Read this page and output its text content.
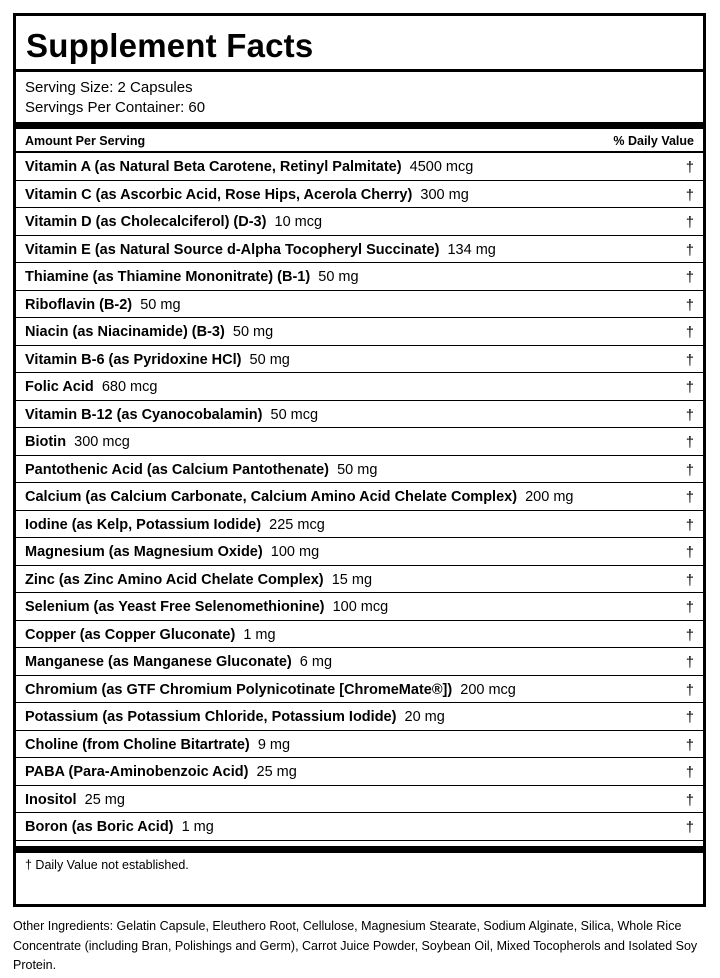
Supplement Facts
Serving Size: 2 Capsules
Servings Per Container: 60
Amount Per Serving	% Daily Value
Vitamin A (as Natural Beta Carotene, Retinyl Palmitate) 4500 mcg	†
Vitamin C (as Ascorbic Acid, Rose Hips, Acerola Cherry) 300 mg	†
Vitamin D (as Cholecalciferol) (D-3) 10 mcg	†
Vitamin E (as Natural Source d-Alpha Tocopheryl Succinate) 134 mg	†
Thiamine (as Thiamine Mononitrate) (B-1) 50 mg	†
Riboflavin (B-2) 50 mg	†
Niacin (as Niacinamide) (B-3) 50 mg	†
Vitamin B-6 (as Pyridoxine HCl) 50 mg	†
Folic Acid 680 mcg	†
Vitamin B-12 (as Cyanocobalamin) 50 mcg	†
Biotin 300 mcg	†
Pantothenic Acid (as Calcium Pantothenate) 50 mg	†
Calcium (as Calcium Carbonate, Calcium Amino Acid Chelate Complex) 200 mg	†
Iodine (as Kelp, Potassium Iodide) 225 mcg	†
Magnesium (as Magnesium Oxide) 100 mg	†
Zinc (as Zinc Amino Acid Chelate Complex) 15 mg	†
Selenium (as Yeast Free Selenomethionine) 100 mcg	†
Copper (as Copper Gluconate) 1 mg	†
Manganese (as Manganese Gluconate) 6 mg	†
Chromium (as GTF Chromium Polynicotinate [ChromeMate®]) 200 mcg	†
Potassium (as Potassium Chloride, Potassium Iodide) 20 mg	†
Choline (from Choline Bitartrate) 9 mg	†
PABA (Para-Aminobenzoic Acid) 25 mg	†
Inositol 25 mg	†
Boron (as Boric Acid) 1 mg	†
† Daily Value not established.
Other Ingredients: Gelatin Capsule, Eleuthero Root, Cellulose, Magnesium Stearate, Sodium Alginate, Silica, Whole Rice Concentrate (including Bran, Polishings and Germ), Carrot Juice Powder, Soybean Oil, Mixed Tocopherols and Isolated Soy Protein.
